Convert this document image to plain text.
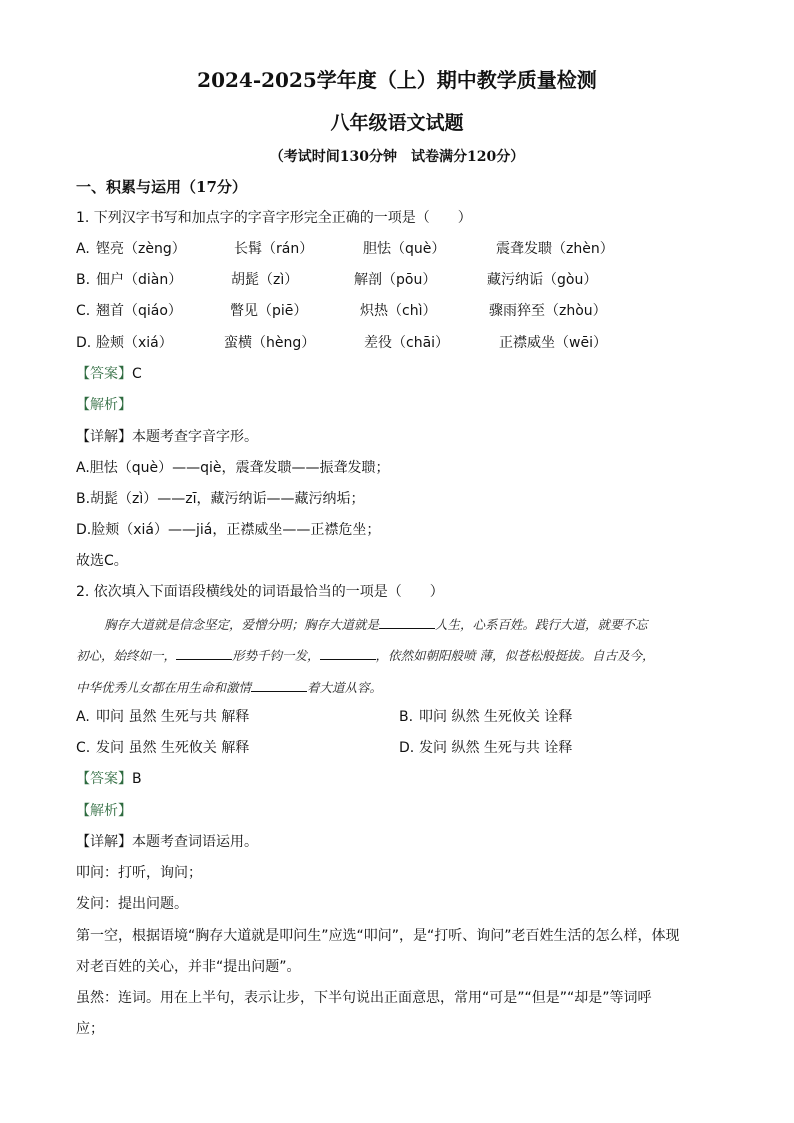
2024-2025学年度（上）期中教学质量检测
八年级语文试题
（考试时间130分钟　试卷满分120分）
一、积累与运用（17分）
1. 下列汉字书写和加点字的字音字形完全正确的一项是（　　）
A. 铿亮（zèng）	长髯（rán）	胆怯（què）	震聋发聩（zhèn）
B. 佃户（diàn）	胡髭（zì）	解剖（pōu）	藏污纳诟（gòu）
C. 翘首（qiáo）	瞥见（piē）	炽热（chì）	骤雨猝至（zhòu）
D. 脸颊（xiá）	蛮横（hèng）	差役（chāi）	正襟威坐（wēi）
【答案】C
【解析】
【详解】本题考查字音字形。
A.胆怯（què）——qiè，震聋发聩——振聋发聩；
B.胡髭（zì）——zī，藏污纳诟——藏污纳垢；
D.脸颊（xiá）——jiá，正襟威坐——正襟危坐；
故选C。
2. 依次填入下面语段横线处的词语最恰当的一项是（　　）
胸存大道就是信念坚定，爱憎分明；胸存大道就是	人生，心系百姓。践行大道，就要不忘
初心，始终如一，	形势千钧一发，	，依然如朝阳般喷 薄，似苍松般挺拔。自古及今，
中华优秀儿女都在用生命和激情	着大道从容。
A. 叩问 虽然 生死与共 解释	B. 叩问 纵然 生死攸关 诠释
C. 发问 虽然 生死攸关 解释	D. 发问 纵然 生死与共 诠释
【答案】B
【解析】
【详解】本题考查词语运用。
叩问：打听，询问；
发问：提出问题。
第一空，根据语境“胸存大道就是叩问生”应选“叩问”，是“打听、询问”老百姓生活的怎么样，体现
对老百姓的关心，并非“提出问题”。
虽然：连词。用在上半句，表示让步，下半句说出正面意思，常用“可是”“但是”“却是”等词呼
应；
